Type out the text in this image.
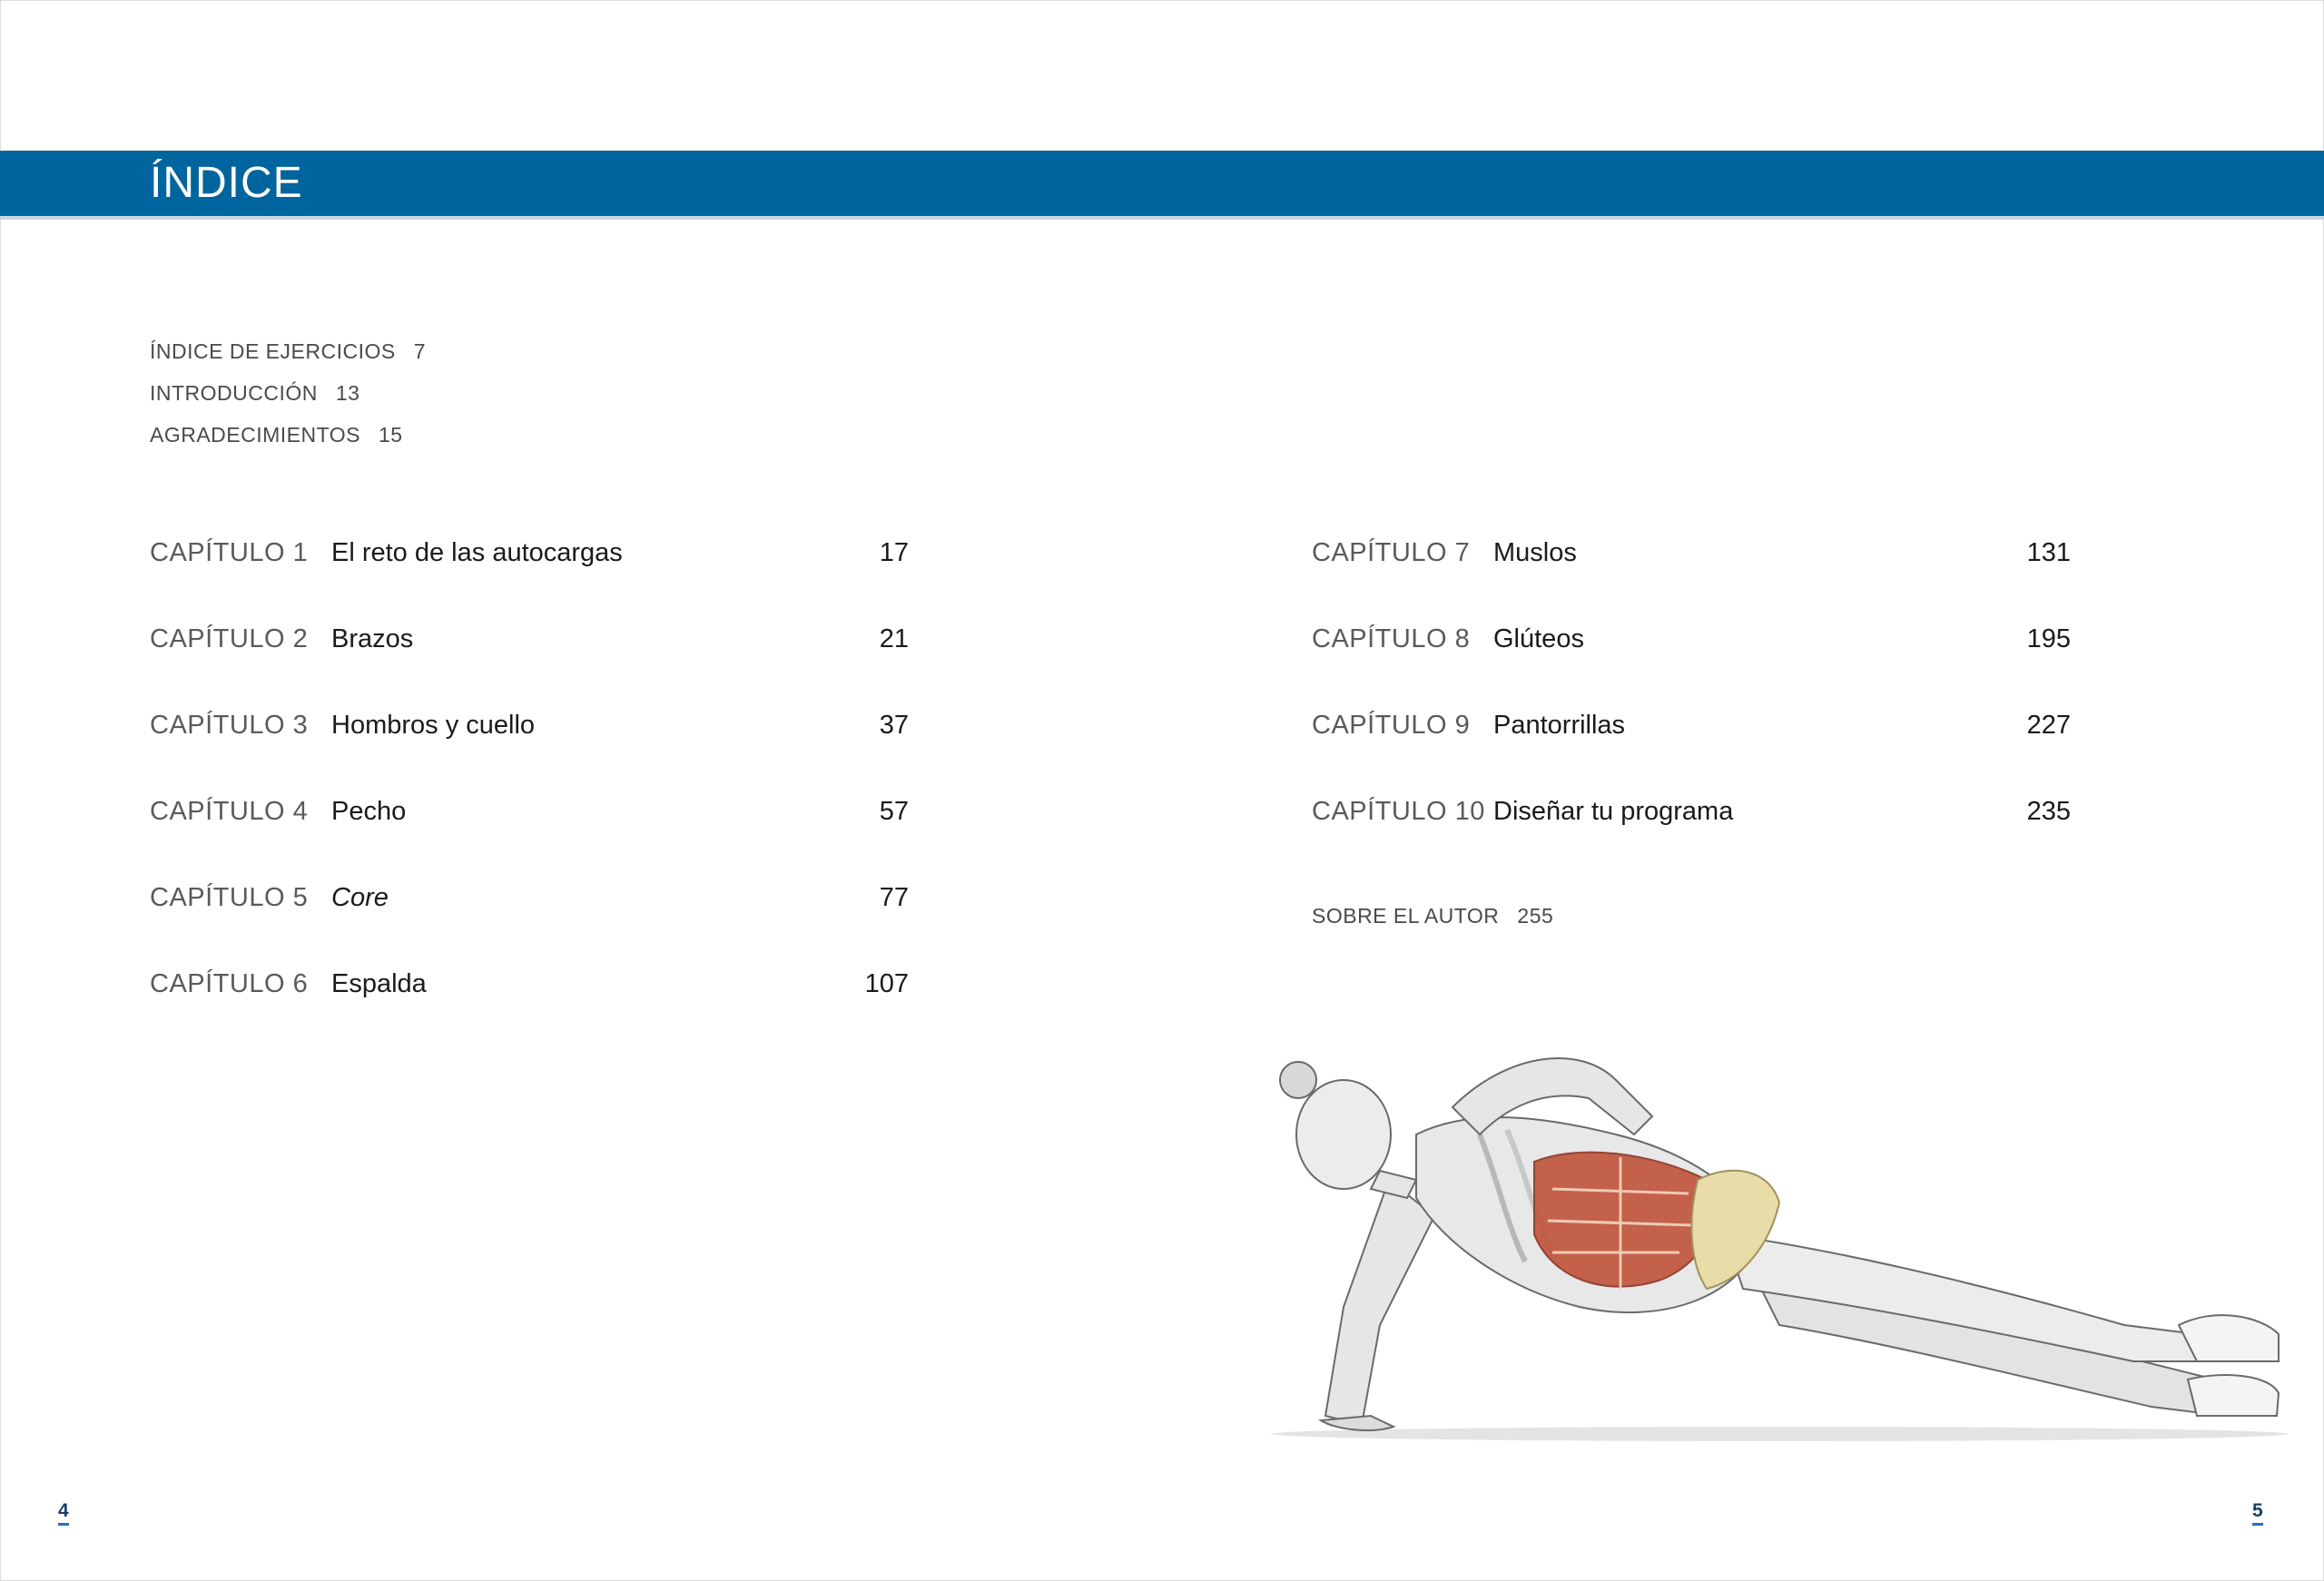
ÍNDICE
ÍNDICE DE EJERCICIOS 7
INTRODUCCIÓN 13
AGRADECIMIENTOS 15
CAPÍTULO 1 El reto de las autocargas	17
CAPÍTULO 2 Brazos	21
CAPÍTULO 3 Hombros y cuello	37
CAPÍTULO 4 Pecho	57
CAPÍTULO 5 Core	77
CAPÍTULO 6 Espalda	107
CAPÍTULO 7 Muslos	131
CAPÍTULO 8 Glúteos	195
CAPÍTULO 9 Pantorrillas	227
CAPÍTULO 10 Diseñar tu programa	235
SOBRE EL AUTOR 255
4	5
